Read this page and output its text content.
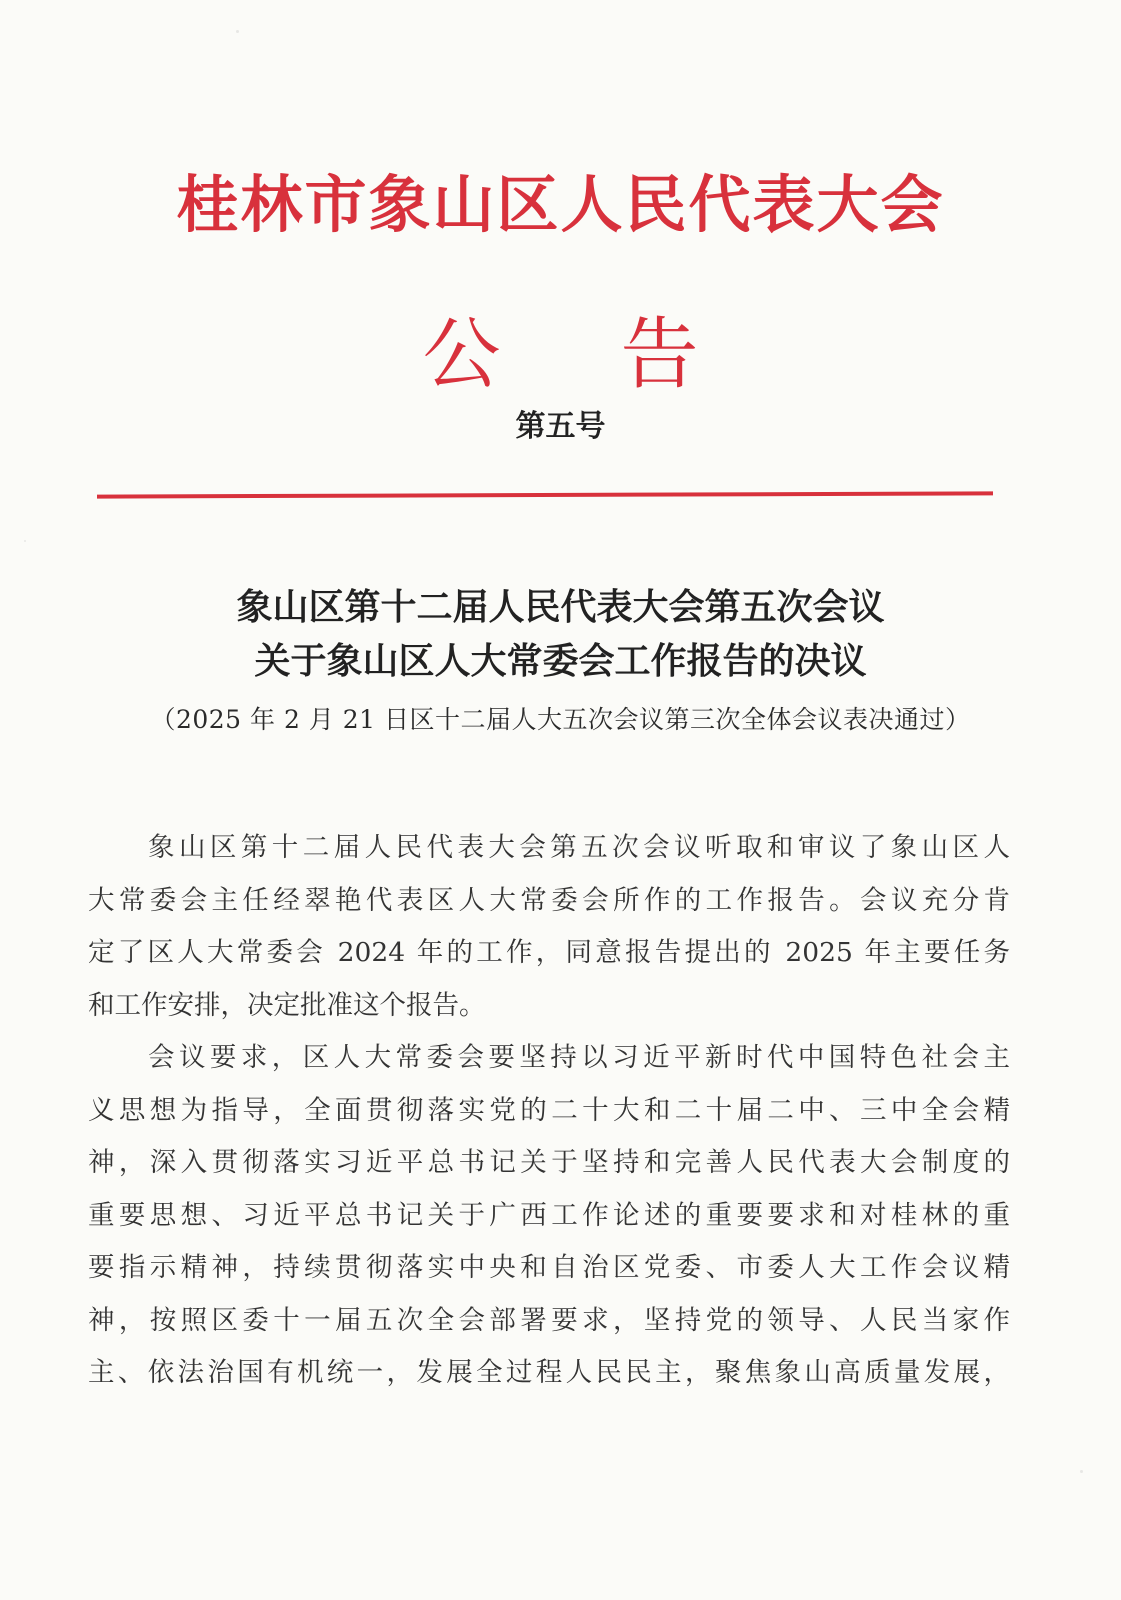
桂林市象山区人民代表大会
公 告
第五号
象山区第十二届人民代表大会第五次会议
关于象山区人大常委会工作报告的决议
（2025 年 2 月 21 日区十二届人大五次会议第三次全体会议表决通过）
象山区第十二届人民代表大会第五次会议听取和审议了象山区人
大常委会主任经翠艳代表区人大常委会所作的工作报告。会议充分肯
定了区人大常委会 2024 年的工作，同意报告提出的 2025 年主要任务
和工作安排，决定批准这个报告。
会议要求，区人大常委会要坚持以习近平新时代中国特色社会主
义思想为指导，全面贯彻落实党的二十大和二十届二中、三中全会精
神，深入贯彻落实习近平总书记关于坚持和完善人民代表大会制度的
重要思想、习近平总书记关于广西工作论述的重要要求和对桂林的重
要指示精神，持续贯彻落实中央和自治区党委、市委人大工作会议精
神，按照区委十一届五次全会部署要求，坚持党的领导、人民当家作
主、依法治国有机统一，发展全过程人民民主，聚焦象山高质量发展，
